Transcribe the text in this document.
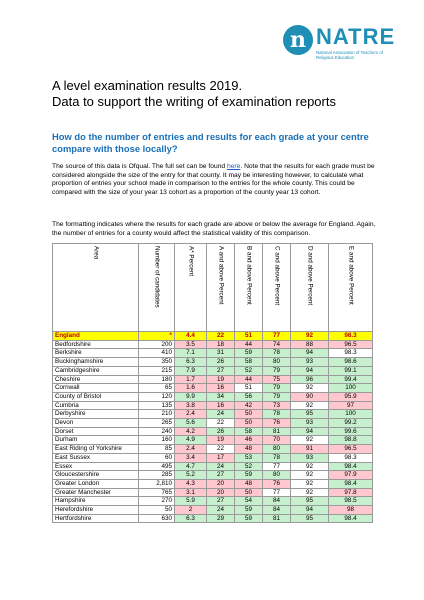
n NATRE
National Association of Teachers of Religious Education
A level examination results 2019.
Data to support the writing of examination reports
How do the number of entries and results for each grade at your centre compare with those locally?

The source of this data is Ofqual. The full set can be found here. Note that the results for each grade must be considered alongside the size of the entry for that county. It may be interesting however, to calculate what proportion of entries your school made in comparison to the entries for the whole county. This could be compared with the size of your year 13 cohort as a proportion of the county year 13 cohort.

The formatting indicates where the results for each grade are above or below the average for England. Again, the number of entries for a county would affect the statistical validity of this comparison.

Area	Number of candidates	A* Percent	A and above Percent	B and above Percent	C and above Percent	D and above Percent	E and above Percent
England	*	4.4	22	51	77	92	98.3
Bedfordshire	200	3.5	18	44	74	88	96.5
Berkshire	410	7.1	31	59	78	94	98.3
Buckinghamshire	350	6.3	26	58	80	93	98.6
Cambridgeshire	215	7.9	27	52	79	94	99.1
Cheshire	180	1.7	19	44	75	96	99.4
Cornwall	65	1.6	16	51	79	92	100
County of Bristol	120	9.9	34	56	79	90	95.9
Cumbria	135	3.8	16	42	73	92	97
Derbyshire	210	2.4	24	50	78	95	100
Devon	265	5.6	22	50	76	93	99.2
Dorset	240	4.2	26	58	81	94	99.6
Durham	160	4.9	19	46	70	92	98.8
East Riding of Yorkshire	85	2.4	22	48	80	91	96.5
East Sussex	60	3.4	17	53	78	93	98.3
Essex	495	4.7	24	52	77	92	98.4
Gloucestershire	285	5.2	27	59	80	92	97.9
Greater London	2,810	4.3	20	48	76	92	98.4
Greater Manchester	765	3.1	20	50	77	92	97.8
Hampshire	270	5.9	27	54	84	95	98.5
Herefordshire	50	2	24	59	84	94	98
Hertfordshire	630	6.3	29	59	81	95	98.4
